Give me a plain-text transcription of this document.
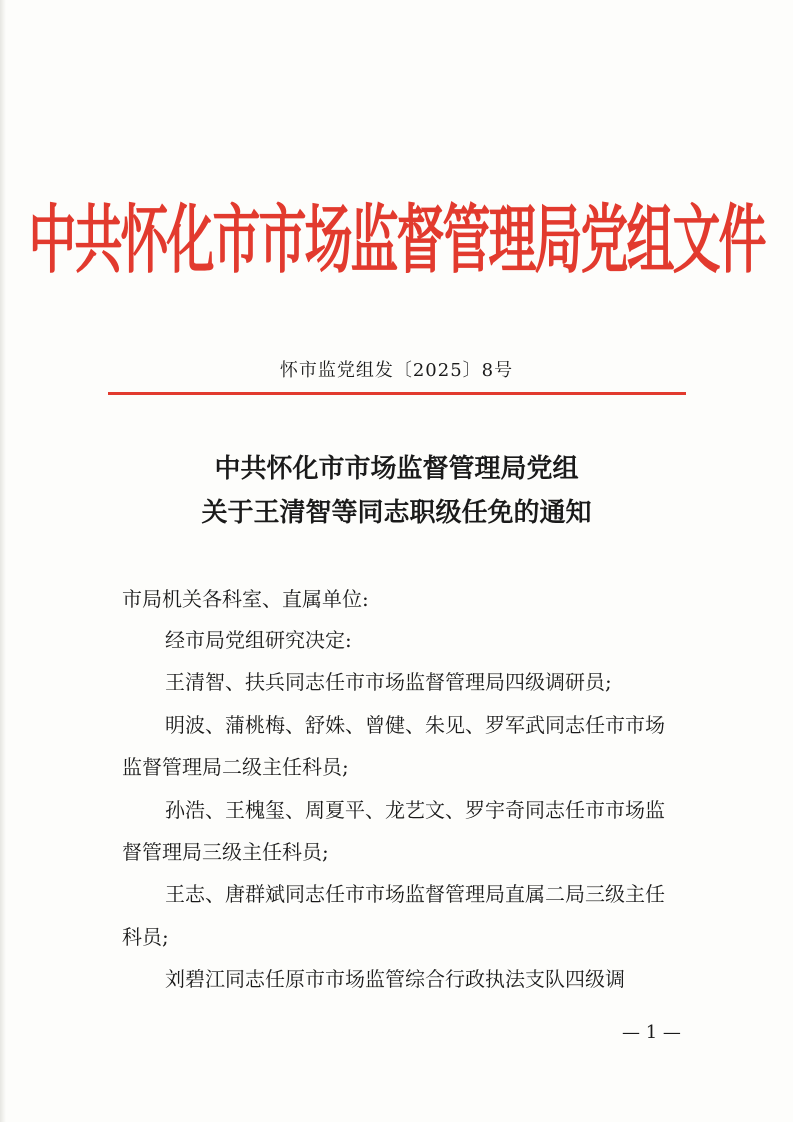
中共怀化市市场监督管理局党组文件
怀市监党组发〔2025〕8号
中共怀化市市场监督管理局党组
关于王清智等同志职级任免的通知
市局机关各科室、直属单位:
经市局党组研究决定:
王清智、扶兵同志任市市场监督管理局四级调研员;
明波、蒲桃梅、舒姝、曾健、朱见、罗军武同志任市市场
监督管理局二级主任科员;
孙浩、王槐玺、周夏平、龙艺文、罗宇奇同志任市市场监
督管理局三级主任科员;
王志、唐群斌同志任市市场监督管理局直属二局三级主任
科员;
刘碧江同志任原市市场监管综合行政执法支队四级调
— 1 —
